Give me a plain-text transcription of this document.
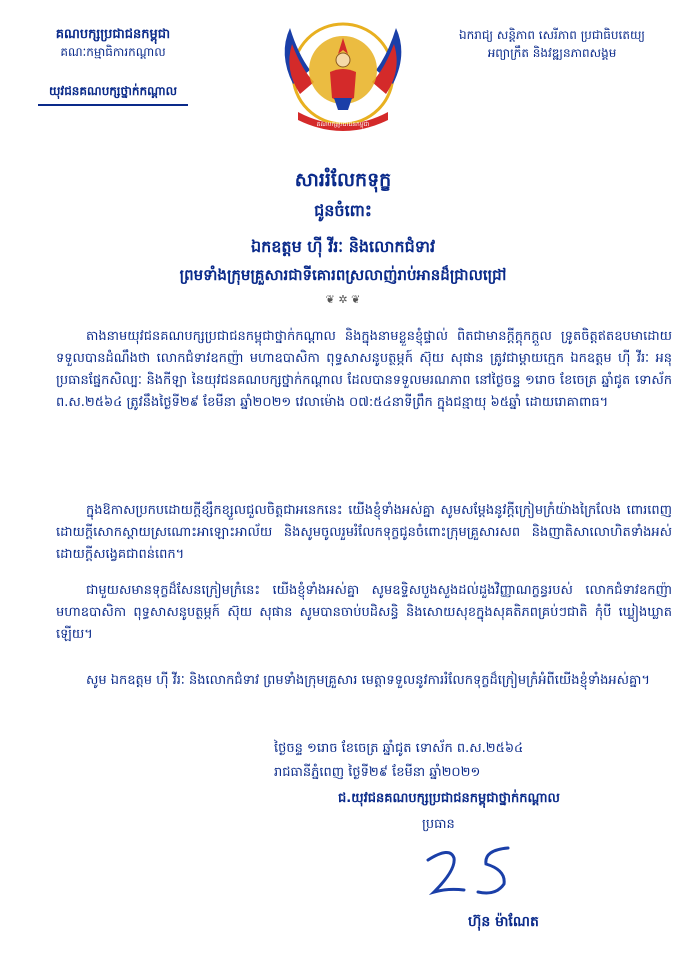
គណបក្សប្រជាជនកម្ពុជា
គណៈកម្មាធិការកណ្ដាល
យុវជនគណបក្សថ្នាក់កណ្ដាល
គណបក្សប្រជាជនកម្ពុជា
ឯករាជ្យ សន្តិភាព សេរីភាព ប្រជាធិបតេយ្យ
អព្យាក្រឹត និងវឌ្ឍនភាពសង្គម
សាររំលែកទុក្ខ
ជូនចំពោះ
ឯកឧត្តម ហ៊ី វីរៈ និងលោកជំទាវ
ព្រមទាំងក្រុមគ្រួសារជាទីគោរពស្រលាញ់រាប់អានដ៏ជ្រាលជ្រៅ
❦ ✲ ❦
តាងនាមយុវជនគណបក្សប្រជាជនកម្ពុជាថ្នាក់កណ្ដាល និងក្នុងនាមខ្លួនខ្ញុំផ្ទាល់ ពិតជាមានក្ដីក្ដុកក្ដួល ទ្រូតចិត្តឥតឧបមាដោយទទួលបានដំណឹងថា លោកជំទាវឧកញ៉ា មហាឧបាសិកា ពុទ្ធសាសនូបត្ថម្ភក៍ ស៊ុយ សុផាន ត្រូវជាម្ដាយក្មេក ឯកឧត្តម ហ៊ី វីរៈ អនុប្រធានផ្នែកសិល្បៈ និងកីឡា នៃយុវជនគណបក្សថ្នាក់កណ្ដាល ដែលបានទទួលមរណភាព នៅថ្ងៃចន្ទ ១រោច ខែចេត្រ ឆ្នាំជូត ទោស័ក ព.ស.២៥៦៤ ត្រូវនឹងថ្ងៃទី២៩ ខែមីនា ឆ្នាំ២០២១ វេលាម៉ោង ០៧:៥៤នាទីព្រឹក ក្នុងជន្មាយុ ៦៥ឆ្នាំ ដោយរោគាពាធ។
ក្នុងឱកាសប្រកបដោយក្ដីខ្សឹកខ្សួលជួលចិត្តជាអនេកនេះ យើងខ្ញុំទាំងអស់គ្នា សូមសម្ដែងនូវក្ដីក្រៀមក្រំយ៉ាងក្រៃលែង ពោរពេញដោយក្ដីសោកស្ដាយស្រណោះអាឡោះអាល័យ និងសូមចូលរួមរំលែកទុក្ខជូនចំពោះក្រុមគ្រួសារសព និងញាតិសាលោហិតទាំងអស់ដោយក្ដីសង្វេគជាពន់ពេក។
ជាមួយសមានទុក្ខដ៏សែនក្រៀមក្រំនេះ យើងខ្ញុំទាំងអស់គ្នា សូមឧទ្ទិសបួងសួងដល់ដួងវិញ្ញាណក្ខន្ធរបស់ លោកជំទាវឧកញ៉ា មហាឧបាសិកា ពុទ្ធសាសនូបត្ថម្ភក៍ ស៊ុយ សុផាន សូមបានចាប់បដិសន្ធិ និងសោយសុខក្នុងសុគតិភពគ្រប់ៗជាតិ កុំបី ឃ្លៀងឃ្លាតឡើយ។
សូម ឯកឧត្តម ហ៊ី វីរៈ និងលោកជំទាវ ព្រមទាំងក្រុមគ្រួសារ មេត្តាទទួលនូវការរំលែកទុក្ខដ៏ក្រៀមក្រំអំពីយើងខ្ញុំទាំងអស់គ្នា។
ថ្ងៃចន្ទ ១រោច ខែចេត្រ ឆ្នាំជូត ទោស័ក ព.ស.២៥៦៤
រាជធានីភ្នំពេញ ថ្ងៃទី២៩ ខែមីនា ឆ្នាំ២០២១
ជ.យុវជនគណបក្សប្រជាជនកម្ពុជាថ្នាក់កណ្ដាល
ប្រធាន
ហ៊ុន ម៉ាណែត
